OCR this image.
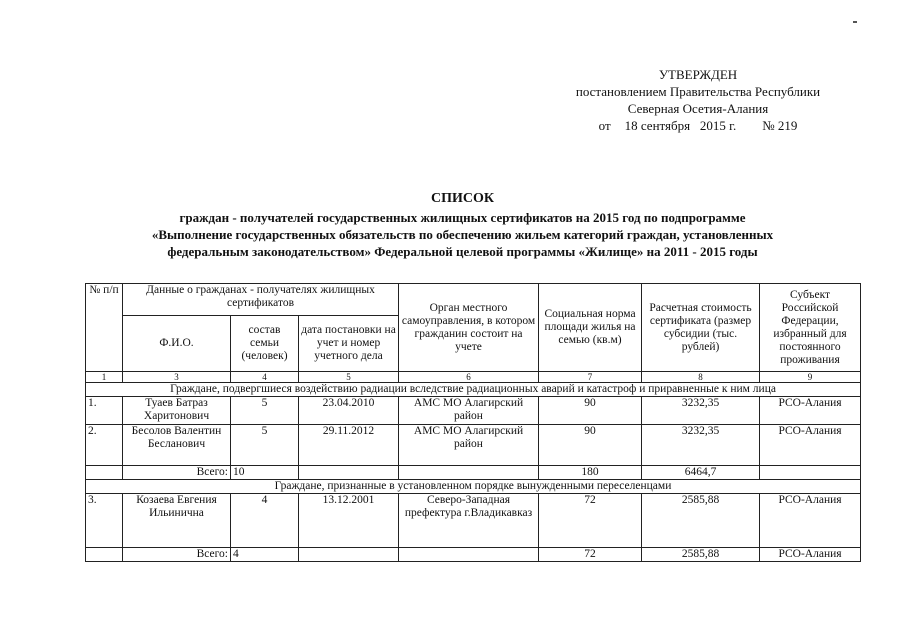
УТВЕРЖДЕН
постановлением Правительства Республики
Северная Осетия-Алания
от 18 сентября   2015 г. № 219
СПИСОК
граждан - получателей государственных жилищных сертификатов на 2015 год по подпрограмме
«Выполнение государственных обязательств по обеспечению жильем категорий граждан, установленных
федеральным законодательством» Федеральной целевой программы «Жилище» на 2011 - 2015 годы
№ п/п	Данные о гражданах - получателях жилищных сертификатов			Орган местного самоуправления, в котором гражданин состоит на учете	Социальная норма площади жилья на семью (кв.м)	Расчетная стоимость сертификата (размер субсидии (тыс. рублей)	Субъект Российской Федерации, избранный для постоянного проживания
	Ф.И.О.	состав семьи (человек)	дата постановки на учет и номер учетного дела				
1	3	4	5	6	7	8	9
Граждане, подвергшиеся воздействию радиации вследствие радиационных аварий и катастроф и приравненные к ним лица							
1.	Туаев Батраз Харитонович	5	23.04.2010	АМС МО Алагирский район	90	3232,35	РСО-Алания
2.	Бесолов Валентин Бесланович	5	29.11.2012	АМС МО Алагирский район	90	3232,35	РСО-Алания
	Всего:	10			180	6464,7	
Граждане, признанные в установленном порядке вынужденными переселенцами							
3.	Козаева Евгения Ильинична	4	13.12.2001	Северо-Западная префектура г.Владикавказ	72	2585,88	РСО-Алания
	Всего:	4			72	2585,88	РСО-Алания
